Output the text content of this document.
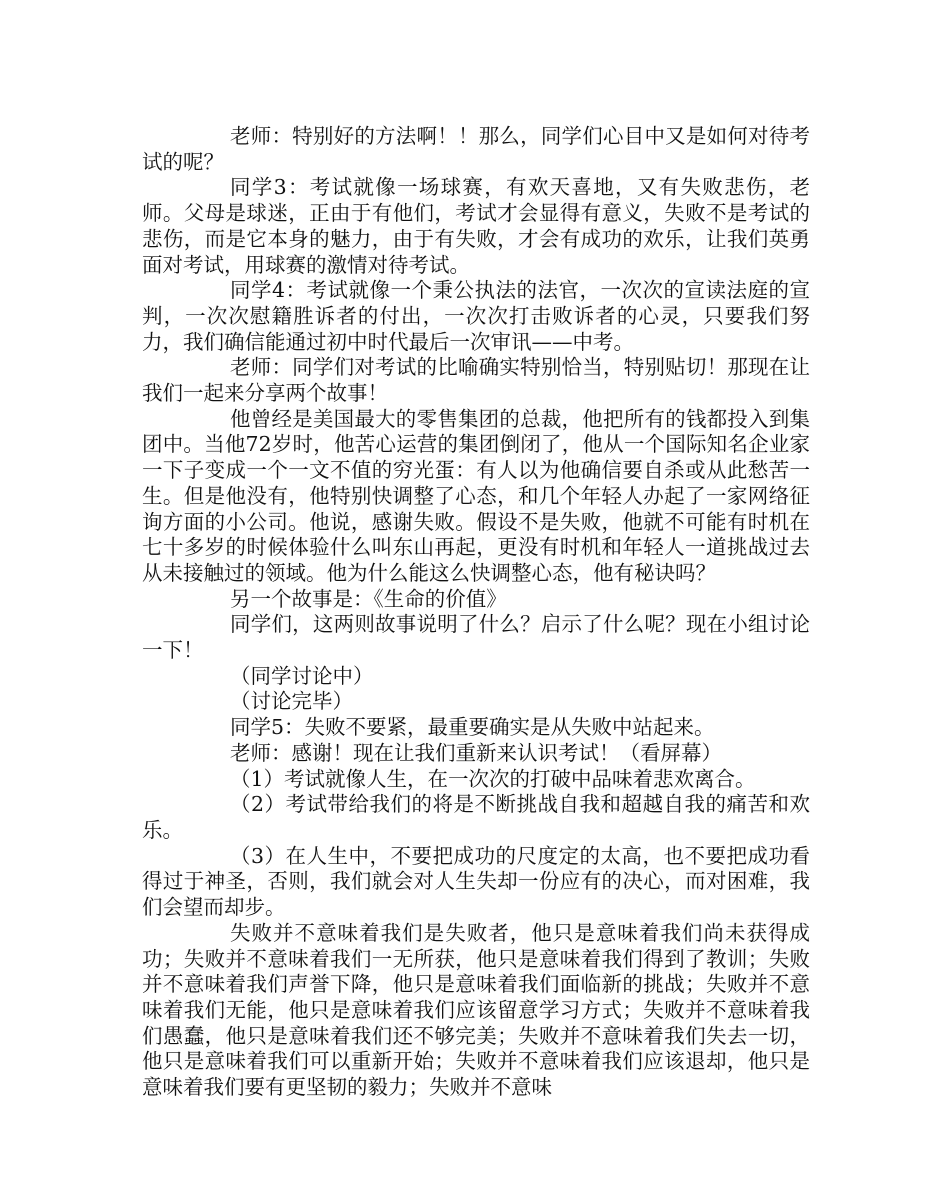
老师：特别好的方法啊！！那么，同学们心目中又是如何对待考试的呢？

同学3：考试就像一场球赛，有欢天喜地，又有失败悲伤，老师。父母是球迷，正由于有他们，考试才会显得有意义，失败不是考试的悲伤，而是它本身的魅力，由于有失败，才会有成功的欢乐，让我们英勇面对考试，用球赛的激情对待考试。

同学4：考试就像一个秉公执法的法官，一次次的宣读法庭的宣判，一次次慰籍胜诉者的付出，一次次打击败诉者的心灵，只要我们努力，我们确信能通过初中时代最后一次审讯——中考。

老师：同学们对考试的比喻确实特别恰当，特别贴切！那现在让我们一起来分享两个故事！

他曾经是美国最大的零售集团的总裁，他把所有的钱都投入到集团中。当他72岁时，他苦心运营的集团倒闭了，他从一个国际知名企业家一下子变成一个一文不值的穷光蛋：有人以为他确信要自杀或从此愁苦一生。但是他没有，他特别快调整了心态，和几个年轻人办起了一家网络征询方面的小公司。他说，感谢失败。假设不是失败，他就不可能有时机在七十多岁的时候体验什么叫东山再起，更没有时机和年轻人一道挑战过去从未接触过的领域。他为什么能这么快调整心态，他有秘诀吗？

另一个故事是：《生命的价值》

同学们，这两则故事说明了什么？启示了什么呢？现在小组讨论一下！

（同学讨论中）

（讨论完毕）

同学5：失败不要紧，最重要确实是从失败中站起来。

老师：感谢！现在让我们重新来认识考试！（看屏幕）

（1）考试就像人生，在一次次的打破中品味着悲欢离合。

（2）考试带给我们的将是不断挑战自我和超越自我的痛苦和欢乐。

（3）在人生中，不要把成功的尺度定的太高，也不要把成功看得过于神圣，否则，我们就会对人生失却一份应有的决心，而对困难，我们会望而却步。

失败并不意味着我们是失败者，他只是意味着我们尚未获得成功；失败并不意味着我们一无所获，他只是意味着我们得到了教训；失败并不意味着我们声誉下降，他只是意味着我们面临新的挑战；失败并不意味着我们无能，他只是意味着我们应该留意学习方式；失败并不意味着我们愚蠢，他只是意味着我们还不够完美；失败并不意味着我们失去一切，他只是意味着我们可以重新开始；失败并不意味着我们应该退却，他只是意味着我们要有更坚韧的毅力；失败并不意味
